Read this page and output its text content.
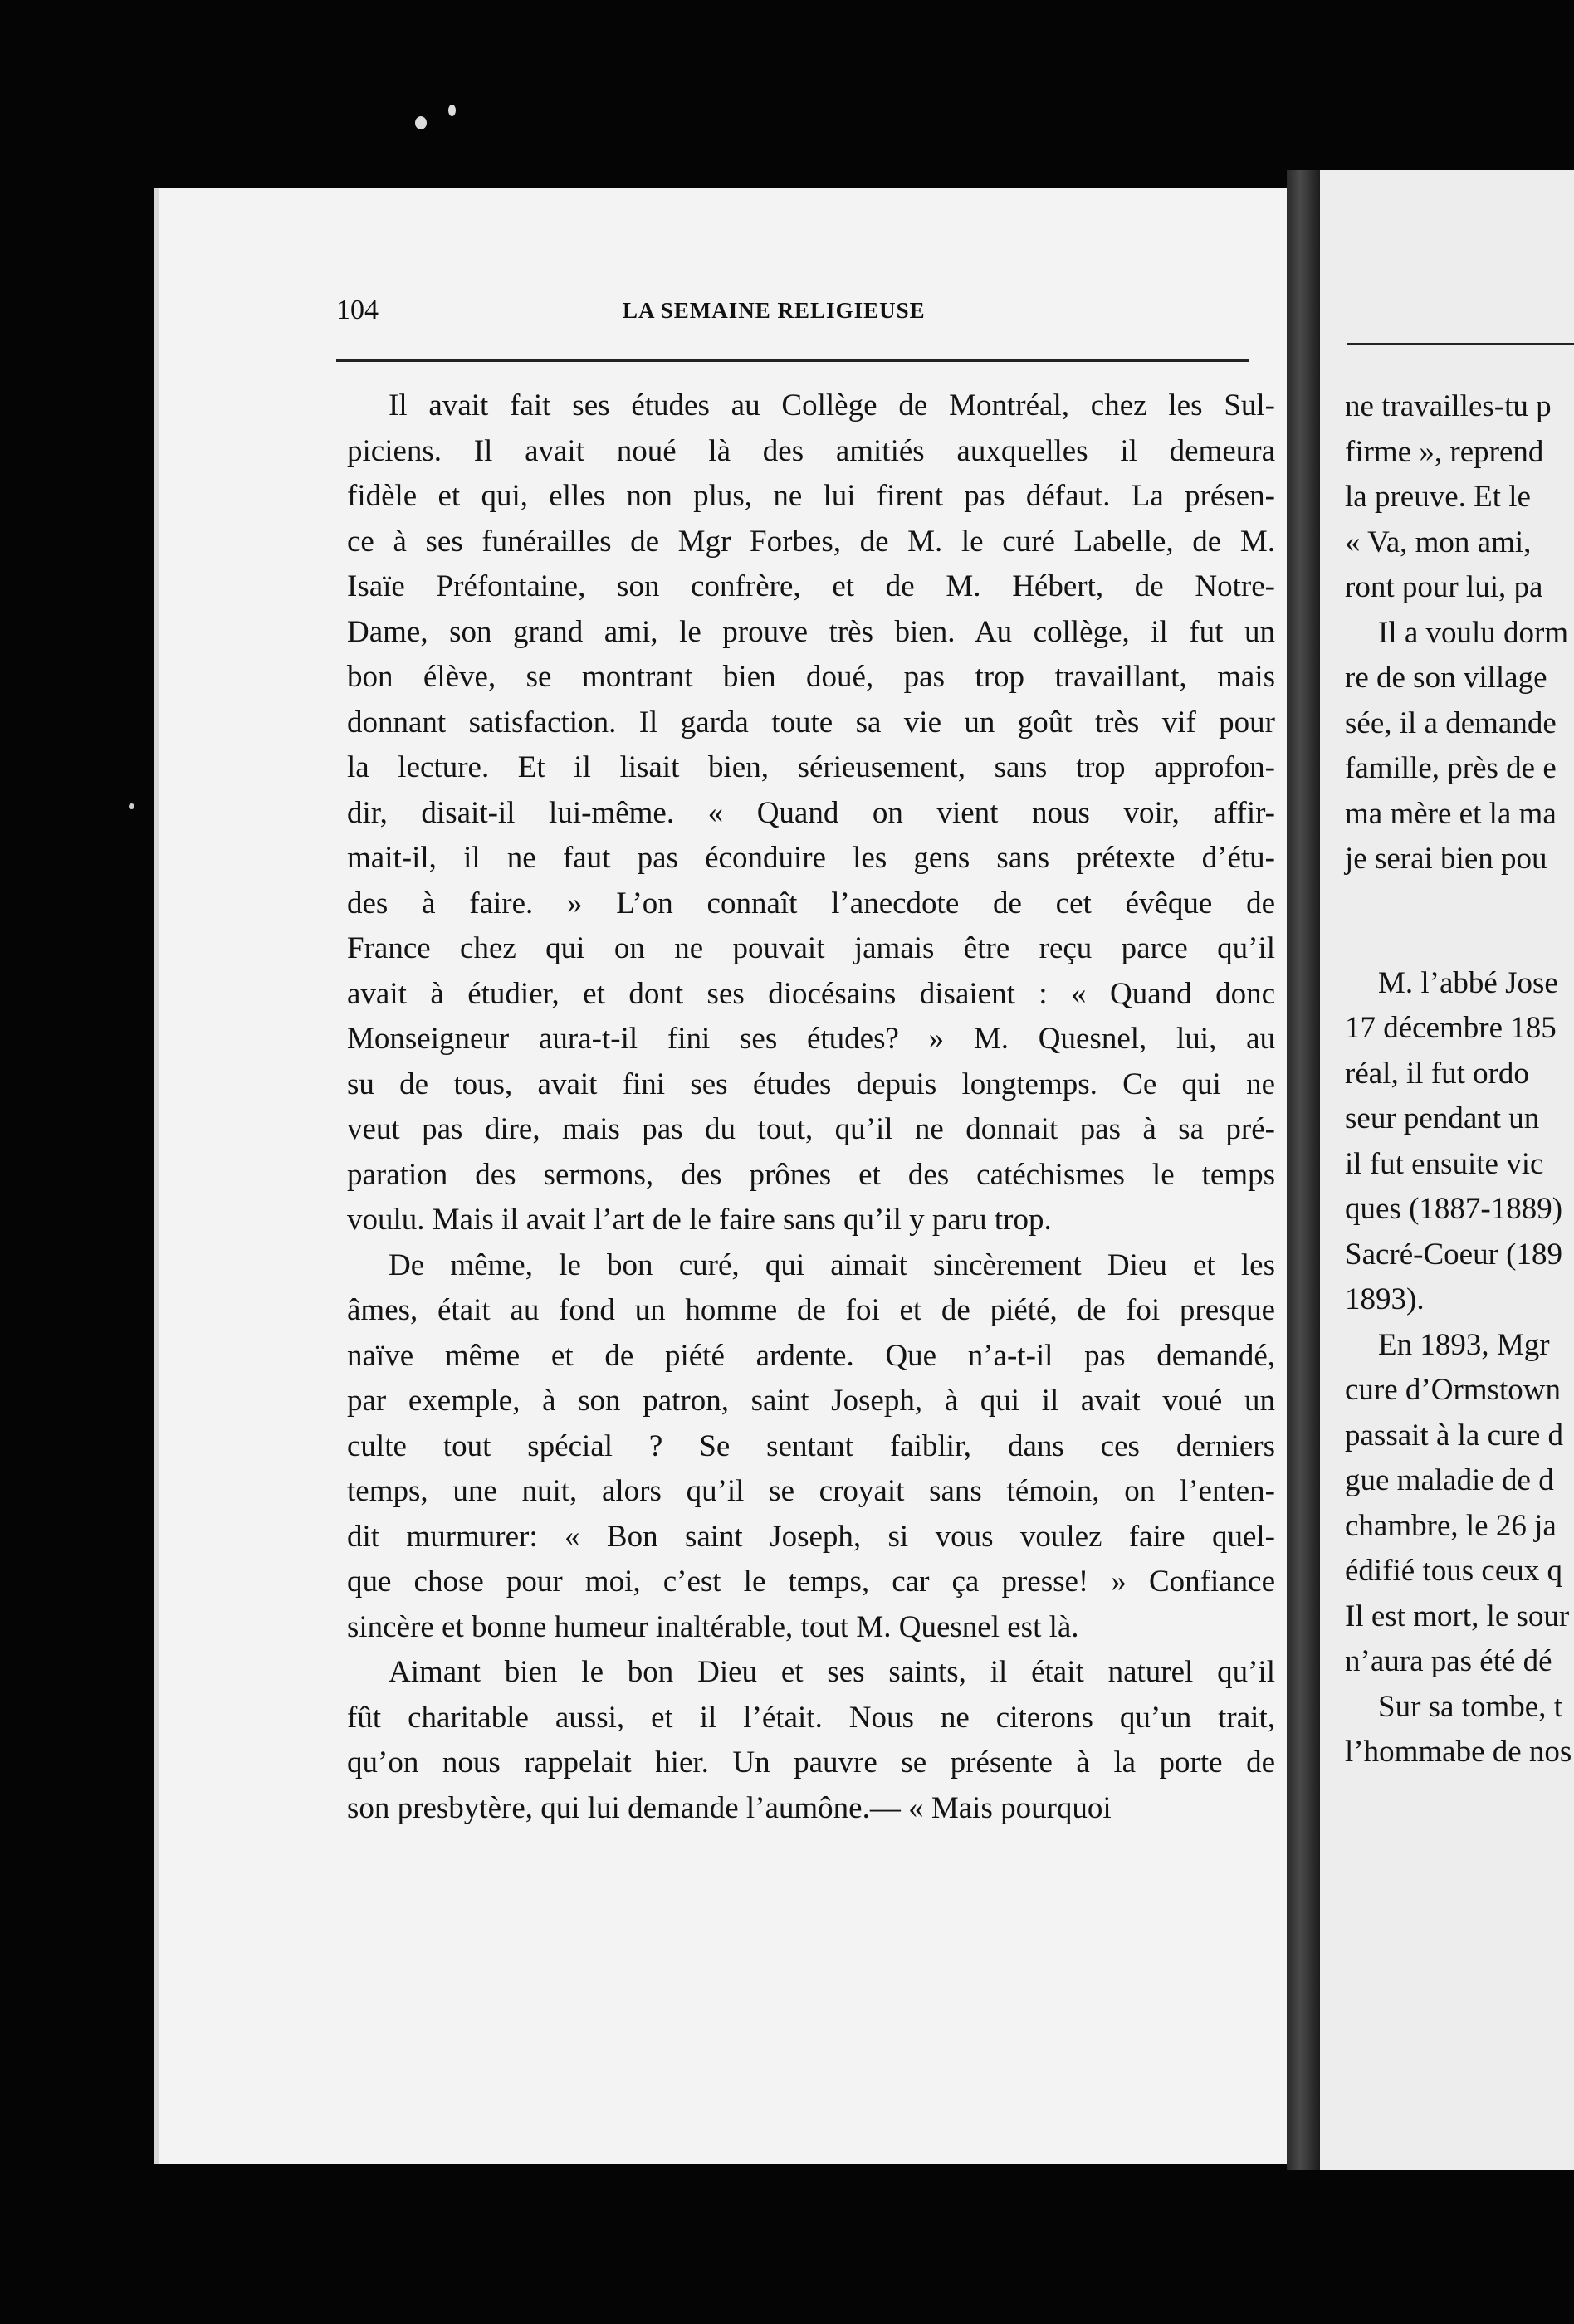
ne travailles-tu p
firme », reprend
la preuve. Et le
« Va, mon ami,
ront pour lui, pa
Il a voulu dorm
re de son village
sée, il a demande
famille, près de e
ma mère et la ma
je serai bien pou
M. l’abbé Jose
17 décembre 185
réal, il fut ordo
seur pendant un
il fut ensuite vic
ques (1887-1889)
Sacré-Coeur (189
1893).
En 1893, Mgr
cure d’Ormstown
passait à la cure d
gue maladie de d
chambre, le 26 ja
édifié tous ceux q
Il est mort, le sour
n’aura pas été dé
Sur sa tombe, t
l’hommabe de nos
104	LA SEMAINE RELIGIEUSE
Il avait fait ses études au Collège de Montréal, chez les Sul-
piciens. Il avait noué là des amitiés auxquelles il demeura
fidèle et qui, elles non plus, ne lui firent pas défaut. La présen-
ce à ses funérailles de Mgr Forbes, de M. le curé Labelle, de M.
Isaïe Préfontaine, son confrère, et de M. Hébert, de Notre-
Dame, son grand ami, le prouve très bien. Au collège, il fut un
bon élève, se montrant bien doué, pas trop travaillant, mais
donnant satisfaction. Il garda toute sa vie un goût très vif pour
la lecture. Et il lisait bien, sérieusement, sans trop approfon-
dir, disait-il lui-même. « Quand on vient nous voir, affir-
mait-il, il ne faut pas éconduire les gens sans prétexte d’étu-
des à faire. » L’on connaît l’anecdote de cet évêque de
France chez qui on ne pouvait jamais être reçu parce qu’il
avait à étudier, et dont ses diocésains disaient : « Quand donc
Monseigneur aura-t-il fini ses études? » M. Quesnel, lui, au
su de tous, avait fini ses études depuis longtemps. Ce qui ne
veut pas dire, mais pas du tout, qu’il ne donnait pas à sa pré-
paration des sermons, des prônes et des catéchismes le temps
voulu. Mais il avait l’art de le faire sans qu’il y paru trop.
De même, le bon curé, qui aimait sincèrement Dieu et les
âmes, était au fond un homme de foi et de piété, de foi presque
naïve même et de piété ardente. Que n’a-t-il pas demandé,
par exemple, à son patron, saint Joseph, à qui il avait voué un
culte tout spécial ? Se sentant faiblir, dans ces derniers
temps, une nuit, alors qu’il se croyait sans témoin, on l’enten-
dit murmurer: « Bon saint Joseph, si vous voulez faire quel-
que chose pour moi, c’est le temps, car ça presse! » Confiance
sincère et bonne humeur inaltérable, tout M. Quesnel est là.
Aimant bien le bon Dieu et ses saints, il était naturel qu’il
fût charitable aussi, et il l’était. Nous ne citerons qu’un trait,
qu’on nous rappelait hier. Un pauvre se présente à la porte de
son presbytère, qui lui demande l’aumône.— « Mais pourquoi
